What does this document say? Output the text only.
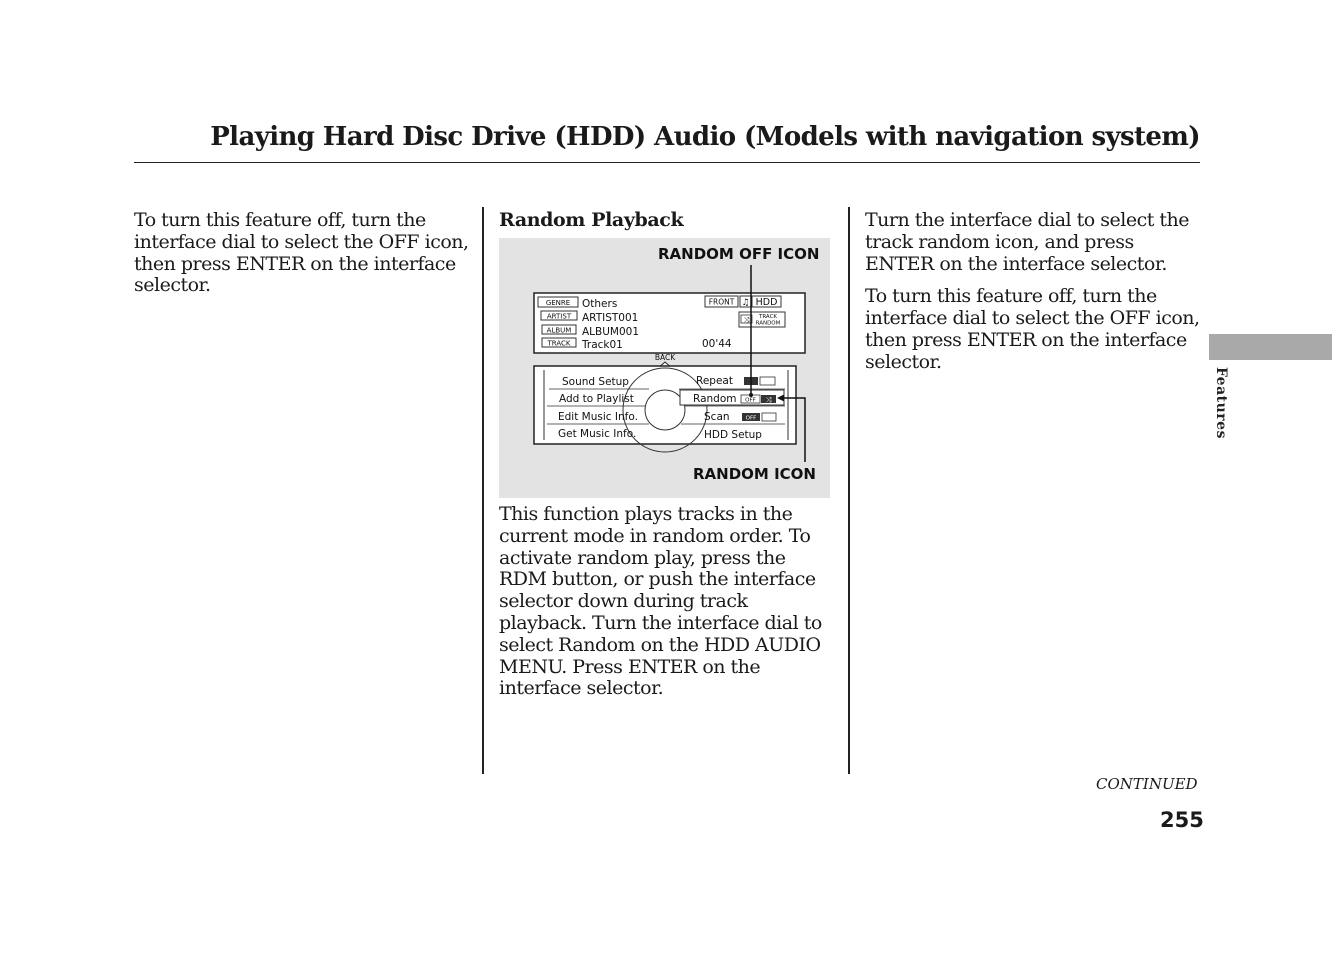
Playing Hard Disc Drive (HDD) Audio (Models with navigation system)
To turn this feature off, turn the interface dial to select the OFF icon, then press ENTER on the interface selector.
Random Playback
GENRE Others
ARTIST ARTIST001
ALBUM ALBUM001
TRACK Track01	00'44
FRONT ♫ HDD
⤨ TRACK
RANDOM
BACK
Sound Setup
Add to Playlist
Edit Music Info.
Get Music Info.
Repeat
Random OFF ⤨
Scan	OFF
HDD Setup
RANDOM OFF ICON
RANDOM ICON
This function plays tracks in the current mode in random order. To activate random play, press the RDM button, or push the interface selector down during track playback. Turn the interface dial to select Random on the HDD AUDIO MENU. Press ENTER on the interface selector.

Turn the interface dial to select the track random icon, and press ENTER on the interface selector.

To turn this feature off, turn the interface dial to select the OFF icon, then press ENTER on the interface selector.

Features
CONTINUED
255
